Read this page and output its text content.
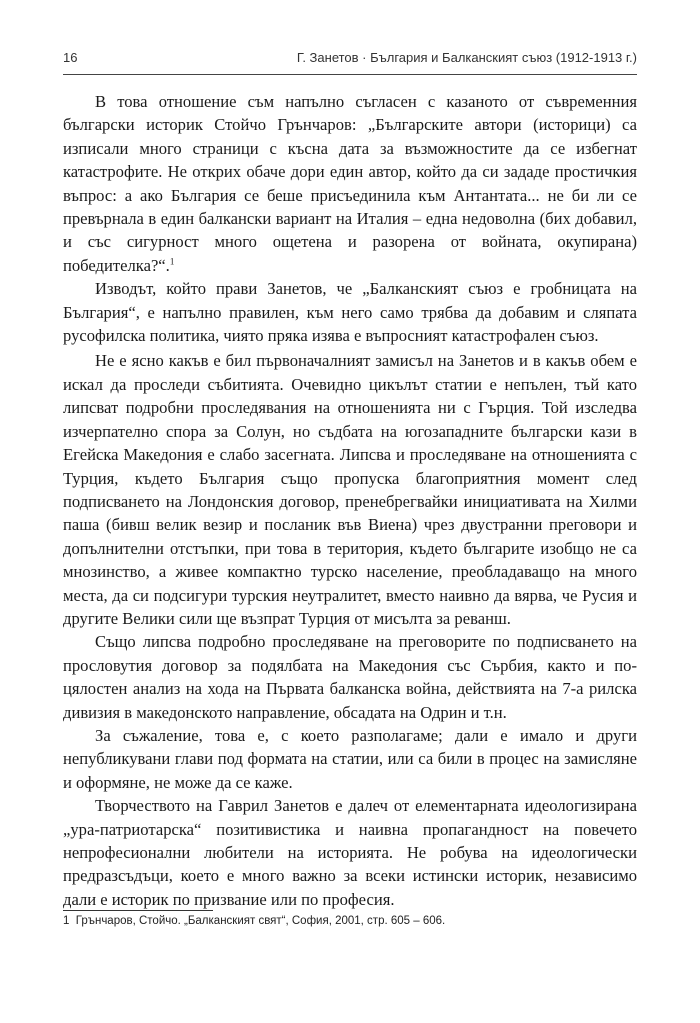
16	Г. Занетов · България и Балканският съюз (1912-1913 г.)

В това отношение съм напълно съгласен с казаното от съвременния български историк Стойчо Грънчаров: „Българските автори (историци) са изписали много страници с късна дата за възможностите да се избегнат катастрофите. Не открих обаче дори един автор, който да си зададе простичкия въпрос: а ако България се беше присъединила към Антантата... не би ли се превърнала в един балкански вариант на Италия – една недоволна (бих добавил, и със сигурност много ощетена и разорена от войната, окупирана) победителка?“.$^1$

Изводът, който прави Занетов, че „Балканският съюз е гробницата на България“, е напълно правилен, към него само трябва да добавим и сляпата русофилска политика, чиято пряка изява е въпросният катастрофален съюз.

Не е ясно какъв е бил първоначалният замисъл на Занетов и в какъв обем е искал да проследи събитията. Очевидно цикълът статии е непълен, тъй като липсват подробни проследявания на отношенията ни с Гърция. Той изследва изчерпателно спора за Солун, но съдбата на югозападните български кази в Егейска Македония е слабо засегната. Липсва и проследяване на отношенията с Турция, където България също пропуска благоприятния момент след подписването на Лондонския договор, пренебрегвайки инициативата на Хилми паша (бивш велик везир и посланик във Виена) чрез двустранни преговори и допълнителни отстъпки, при това в територия, където българите изобщо не са мнозинство, а живее компактно турско население, преобладаващо на много места, да си подсигури турския неутралитет, вместо наивно да вярва, че Русия и другите Велики сили ще възпрат Турция от мисълта за реванш.

Също липсва подробно проследяване на преговорите по подписването на прословутия договор за подялбата на Македония със Сърбия, както и по-цялостен анализ на хода на Първата балканска война, действията на 7-а рилска дивизия в македонското направление, обсадата на Одрин и т.н.

За съжаление, това е, с което разполагаме; дали е имало и други непубликувани глави под формата на статии, или са били в процес на замисляне и оформяне, не може да се каже.

Творчеството на Гаврил Занетов е далеч от елементарната идеологизирана „ура-патриотарска“ позитивистика и наивна пропагандност на повечето непрофесионални любители на историята. Не робува на идеологически предразсъдъци, което е много важно за всеки истински историк, независимо дали е историк по призвание или по професия.

1 Грънчаров, Стойчо. „Балканският свят“, София, 2001, стр. 605 – 606.
